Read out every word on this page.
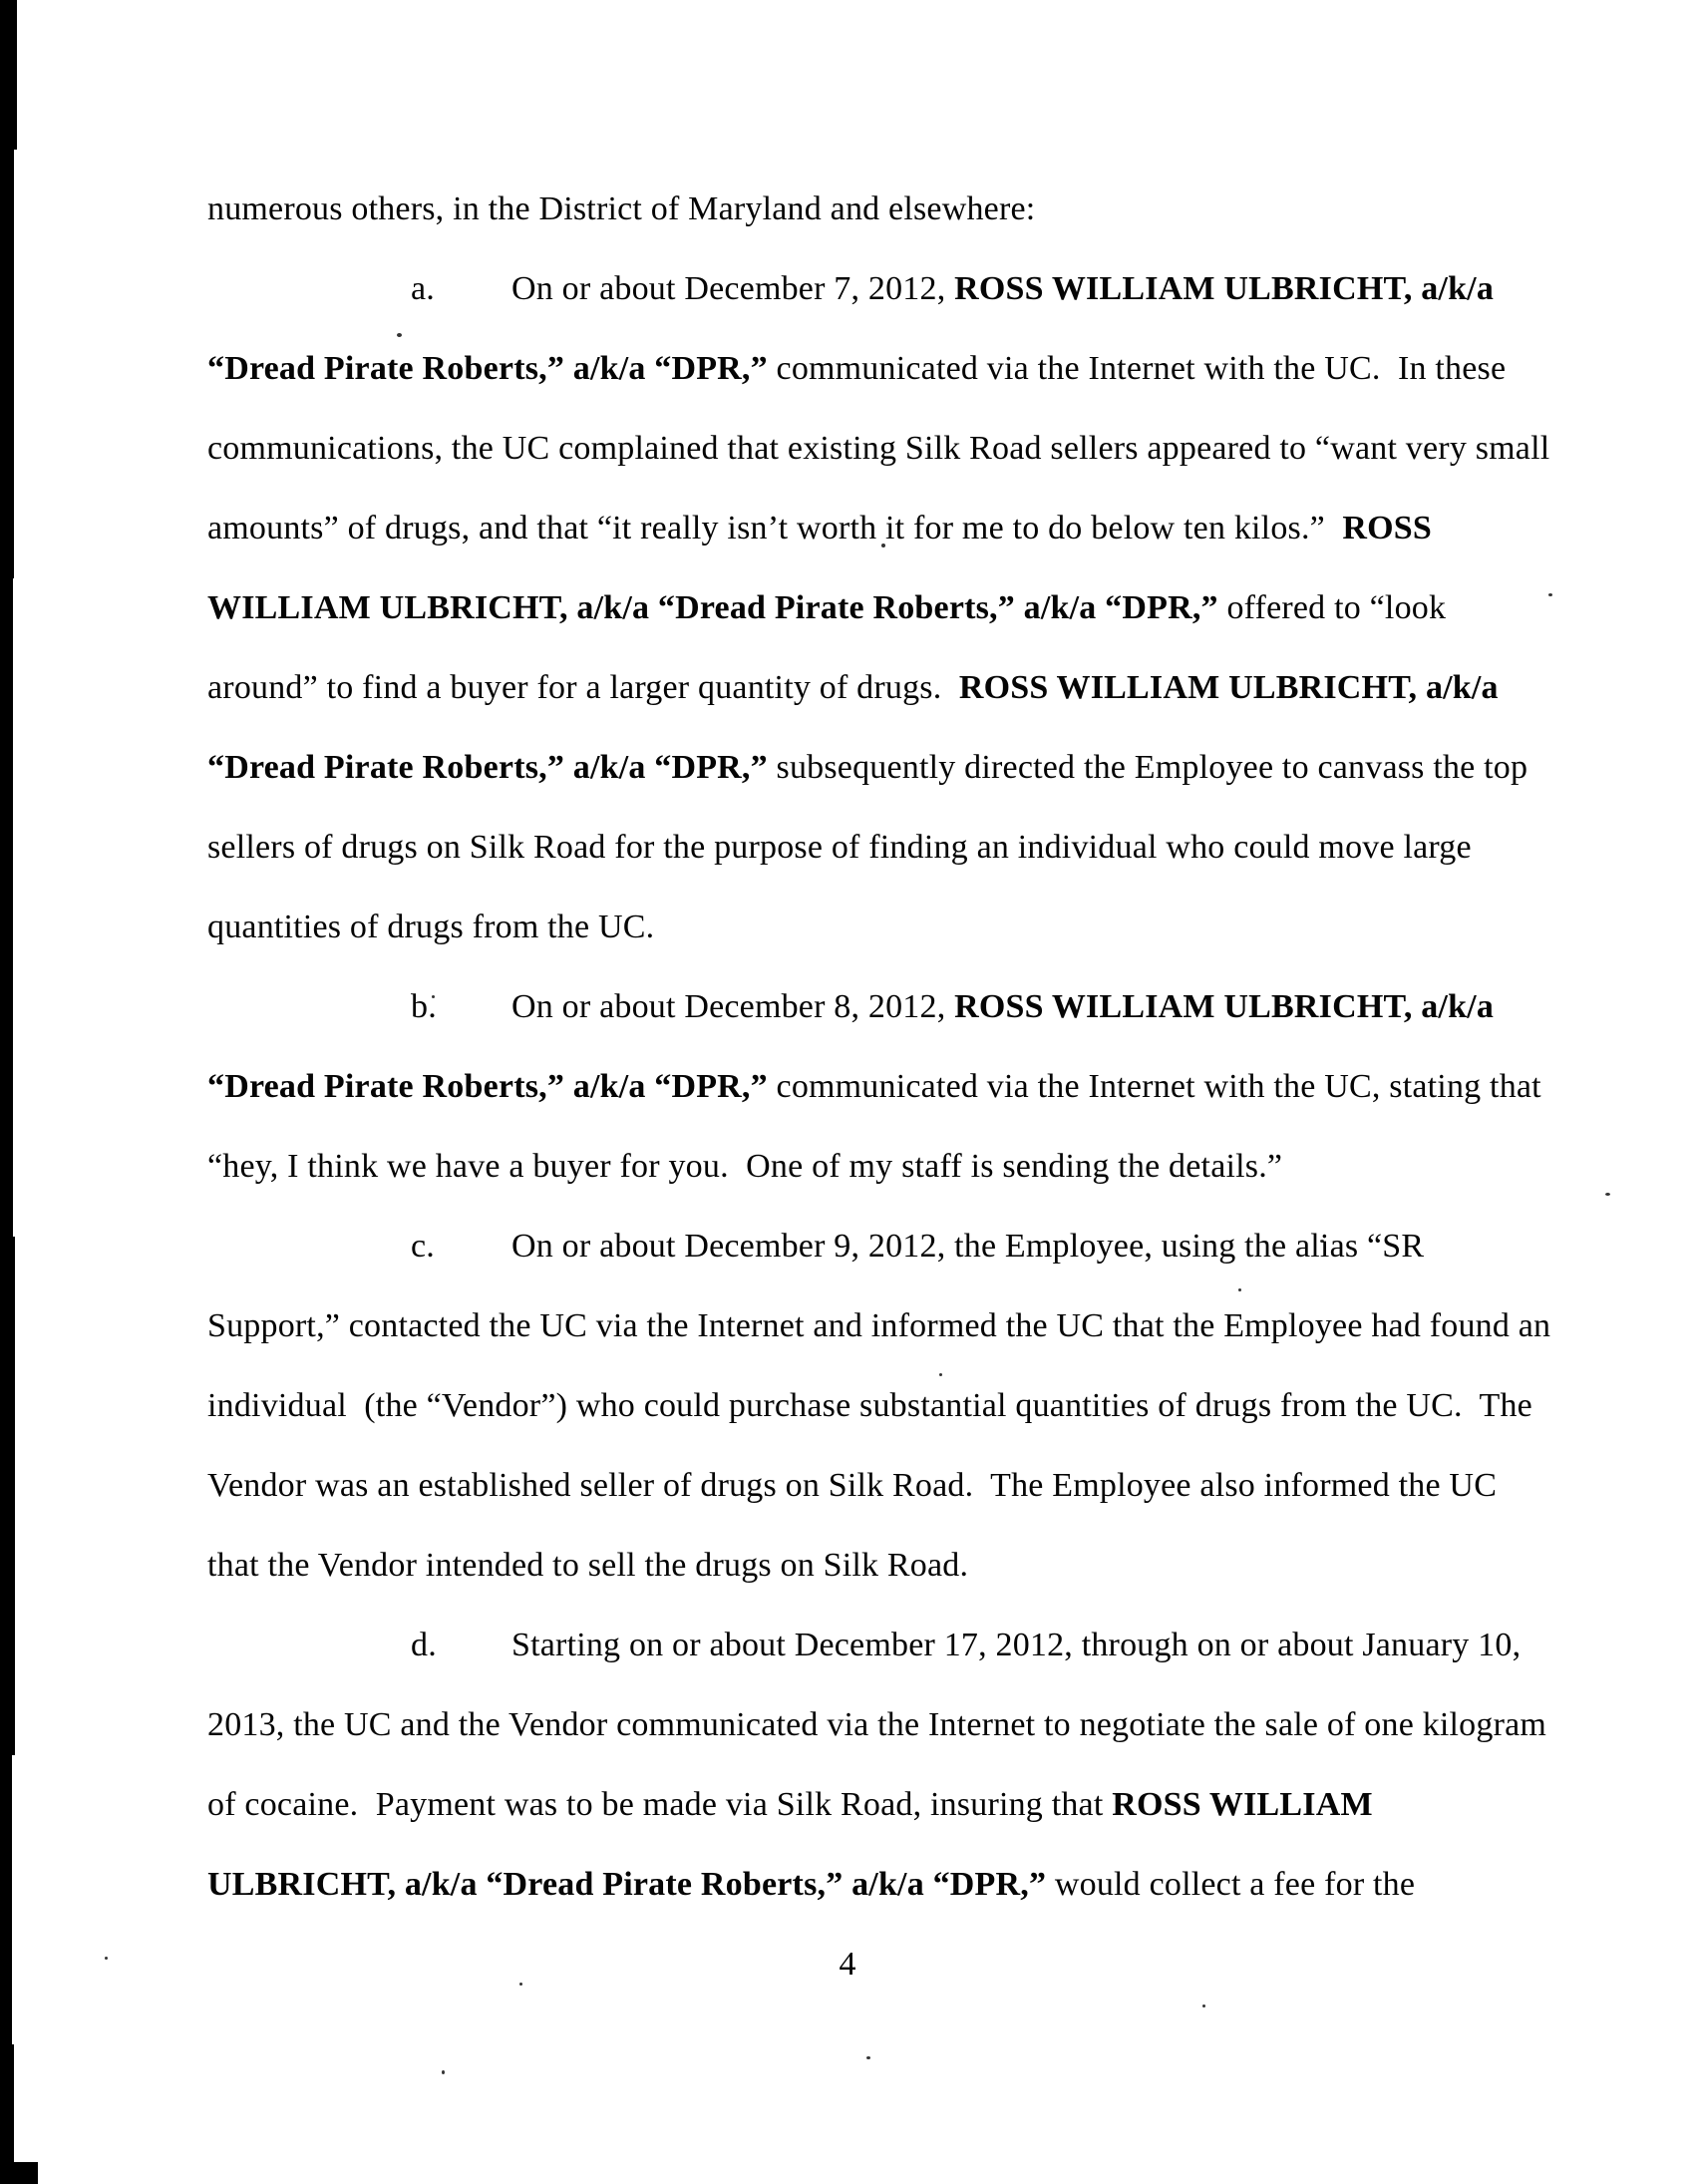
numerous others, in the District of Maryland and elsewhere:
a. On or about December 7, 2012, ROSS WILLIAM ULBRICHT, a/k/a
“Dread Pirate Roberts,” a/k/a “DPR,” communicated via the Internet with the UC.  In these
communications, the UC complained that existing Silk Road sellers appeared to “want very small
amounts” of drugs, and that “it really isn’t worth it for me to do below ten kilos.”  ROSS
WILLIAM ULBRICHT, a/k/a “Dread Pirate Roberts,” a/k/a “DPR,” offered to “look
around” to find a buyer for a larger quantity of drugs.  ROSS WILLIAM ULBRICHT, a/k/a
“Dread Pirate Roberts,” a/k/a “DPR,” subsequently directed the Employee to canvass the top
sellers of drugs on Silk Road for the purpose of finding an individual who could move large
quantities of drugs from the UC.
b. On or about December 8, 2012, ROSS WILLIAM ULBRICHT, a/k/a
“Dread Pirate Roberts,” a/k/a “DPR,” communicated via the Internet with the UC, stating that
“hey, I think we have a buyer for you.  One of my staff is sending the details.”
c. On or about December 9, 2012, the Employee, using the alias “SR
Support,” contacted the UC via the Internet and informed the UC that the Employee had found an
individual  (the “Vendor”) who could purchase substantial quantities of drugs from the UC.  The
Vendor was an established seller of drugs on Silk Road.  The Employee also informed the UC
that the Vendor intended to sell the drugs on Silk Road.
d. Starting on or about December 17, 2012, through on or about January 10,
2013, the UC and the Vendor communicated via the Internet to negotiate the sale of one kilogram
of cocaine.  Payment was to be made via Silk Road, insuring that ROSS WILLIAM
ULBRICHT, a/k/a “Dread Pirate Roberts,” a/k/a “DPR,” would collect a fee for the
4
